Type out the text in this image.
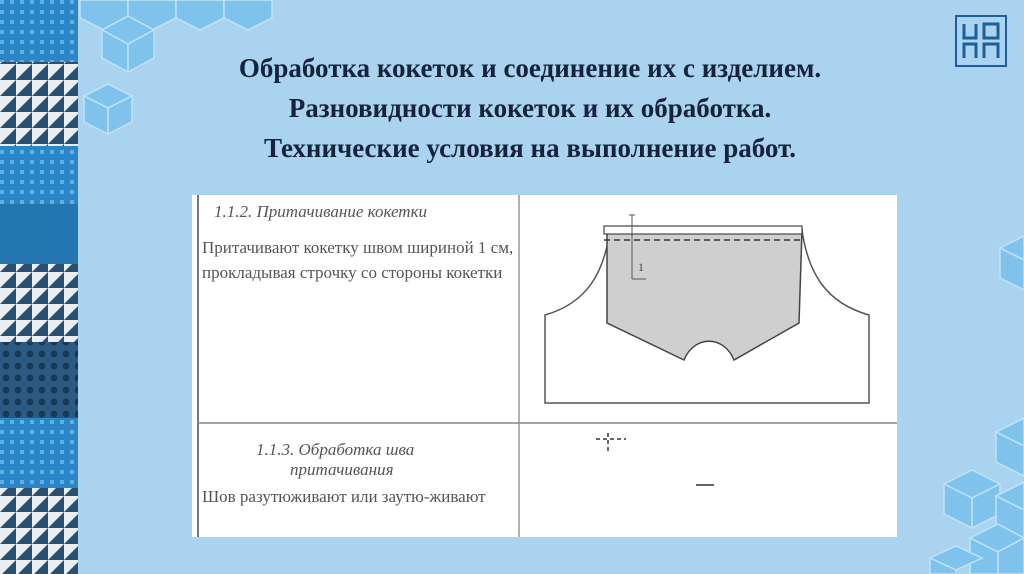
Обработка кокеток и соединение их с изделием.
Разновидности кокеток и их обработка.
Технические условия на выполнение работ.
1
1.1.2. Притачивание кокетки
Притачивают кокетку швом шириной 1 см, прокладывая строчку со стороны кокетки
1.1.3. Обработка шва
притачивания
Шов разутюживают или заутю-живают
